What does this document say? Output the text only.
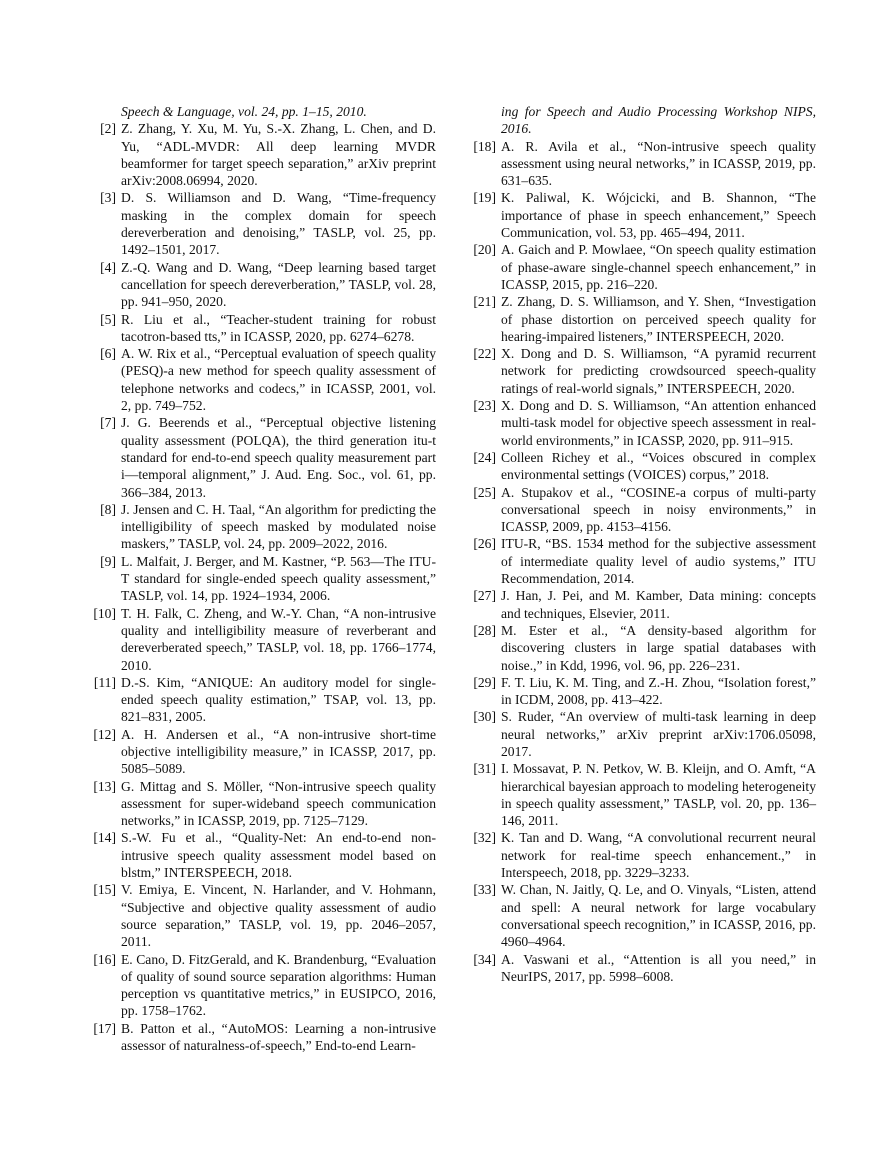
Speech & Language, vol. 24, pp. 1–15, 2010.
[2] Z. Zhang, Y. Xu, M. Yu, S.-X. Zhang, L. Chen, and D. Yu, “ADL-MVDR: All deep learning MVDR beamformer for target speech separation,” arXiv preprint arXiv:2008.06994, 2020.
[3] D. S. Williamson and D. Wang, “Time-frequency masking in the complex domain for speech dereverberation and denoising,” TASLP, vol. 25, pp. 1492–1501, 2017.
[4] Z.-Q. Wang and D. Wang, “Deep learning based target cancellation for speech dereverberation,” TASLP, vol. 28, pp. 941–950, 2020.
[5] R. Liu et al., “Teacher-student training for robust tacotron-based tts,” in ICASSP, 2020, pp. 6274–6278.
[6] A. W. Rix et al., “Perceptual evaluation of speech quality (PESQ)-a new method for speech quality assessment of telephone networks and codecs,” in ICASSP, 2001, vol. 2, pp. 749–752.
[7] J. G. Beerends et al., “Perceptual objective listening quality assessment (POLQA), the third generation itu-t standard for end-to-end speech quality measurement part i—temporal alignment,” J. Aud. Eng. Soc., vol. 61, pp. 366–384, 2013.
[8] J. Jensen and C. H. Taal, “An algorithm for predicting the intelligibility of speech masked by modulated noise maskers,” TASLP, vol. 24, pp. 2009–2022, 2016.
[9] L. Malfait, J. Berger, and M. Kastner, “P. 563—The ITU-T standard for single-ended speech quality assessment,” TASLP, vol. 14, pp. 1924–1934, 2006.
[10] T. H. Falk, C. Zheng, and W.-Y. Chan, “A non-intrusive quality and intelligibility measure of reverberant and dereverberated speech,” TASLP, vol. 18, pp. 1766–1774, 2010.
[11] D.-S. Kim, “ANIQUE: An auditory model for single-ended speech quality estimation,” TSAP, vol. 13, pp. 821–831, 2005.
[12] A. H. Andersen et al., “A non-intrusive short-time objective intelligibility measure,” in ICASSP, 2017, pp. 5085–5089.
[13] G. Mittag and S. Möller, “Non-intrusive speech quality assessment for super-wideband speech communication networks,” in ICASSP, 2019, pp. 7125–7129.
[14] S.-W. Fu et al., “Quality-Net: An end-to-end non-intrusive speech quality assessment model based on blstm,” INTERSPEECH, 2018.
[15] V. Emiya, E. Vincent, N. Harlander, and V. Hohmann, “Subjective and objective quality assessment of audio source separation,” TASLP, vol. 19, pp. 2046–2057, 2011.
[16] E. Cano, D. FitzGerald, and K. Brandenburg, “Evaluation of quality of sound source separation algorithms: Human perception vs quantitative metrics,” in EUSIPCO, 2016, pp. 1758–1762.
[17] B. Patton et al., “AutoMOS: Learning a non-intrusive assessor of naturalness-of-speech,” End-to-end Learn-
ing for Speech and Audio Processing Workshop NIPS, 2016.
[18] A. R. Avila et al., “Non-intrusive speech quality assessment using neural networks,” in ICASSP, 2019, pp. 631–635.
[19] K. Paliwal, K. Wójcicki, and B. Shannon, “The importance of phase in speech enhancement,” Speech Communication, vol. 53, pp. 465–494, 2011.
[20] A. Gaich and P. Mowlaee, “On speech quality estimation of phase-aware single-channel speech enhancement,” in ICASSP, 2015, pp. 216–220.
[21] Z. Zhang, D. S. Williamson, and Y. Shen, “Investigation of phase distortion on perceived speech quality for hearing-impaired listeners,” INTERSPEECH, 2020.
[22] X. Dong and D. S. Williamson, “A pyramid recurrent network for predicting crowdsourced speech-quality ratings of real-world signals,” INTERSPEECH, 2020.
[23] X. Dong and D. S. Williamson, “An attention enhanced multi-task model for objective speech assessment in real-world environments,” in ICASSP, 2020, pp. 911–915.
[24] Colleen Richey et al., “Voices obscured in complex environmental settings (VOICES) corpus,” 2018.
[25] A. Stupakov et al., “COSINE-a corpus of multi-party conversational speech in noisy environments,” in ICASSP, 2009, pp. 4153–4156.
[26] ITU-R, “BS. 1534 method for the subjective assessment of intermediate quality level of audio systems,” ITU Recommendation, 2014.
[27] J. Han, J. Pei, and M. Kamber, Data mining: concepts and techniques, Elsevier, 2011.
[28] M. Ester et al., “A density-based algorithm for discovering clusters in large spatial databases with noise.,” in Kdd, 1996, vol. 96, pp. 226–231.
[29] F. T. Liu, K. M. Ting, and Z.-H. Zhou, “Isolation forest,” in ICDM, 2008, pp. 413–422.
[30] S. Ruder, “An overview of multi-task learning in deep neural networks,” arXiv preprint arXiv:1706.05098, 2017.
[31] I. Mossavat, P. N. Petkov, W. B. Kleijn, and O. Amft, “A hierarchical bayesian approach to modeling heterogeneity in speech quality assessment,” TASLP, vol. 20, pp. 136–146, 2011.
[32] K. Tan and D. Wang, “A convolutional recurrent neural network for real-time speech enhancement.,” in Interspeech, 2018, pp. 3229–3233.
[33] W. Chan, N. Jaitly, Q. Le, and O. Vinyals, “Listen, attend and spell: A neural network for large vocabulary conversational speech recognition,” in ICASSP, 2016, pp. 4960–4964.
[34] A. Vaswani et al., “Attention is all you need,” in NeurIPS, 2017, pp. 5998–6008.
